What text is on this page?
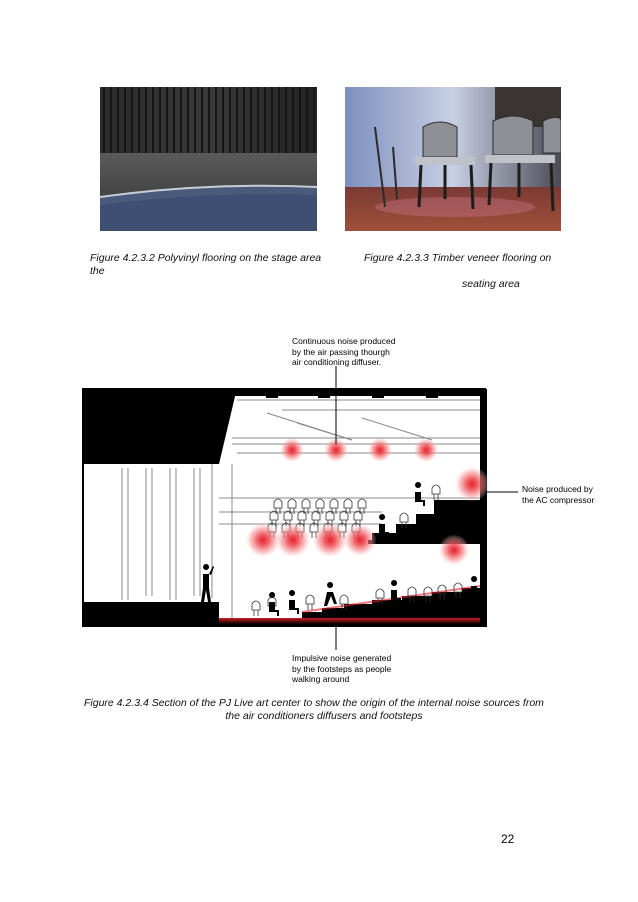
Figure 4.2.3.2 Polyvinyl flooring on the stage area
the
Figure 4.2.3.3 Timber veneer flooring on
seating area
Continuous noise produced
by the air passing thourgh
air conditioning diffuser.
Noise produced by
the AC compressor
Impulsive noise generated
by the footsteps as people
walking around
Figure 4.2.3.4 Section of the PJ Live art center to show the origin of the internal noise sources from
the air conditioners diffusers and footsteps
22
